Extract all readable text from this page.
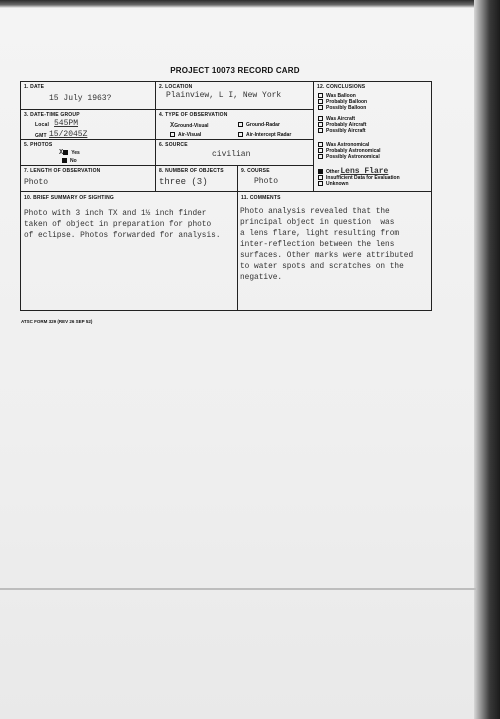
PROJECT 10073 RECORD CARD
1. DATE
15 July 1963?
2. LOCATION
Plainview, L I, New York
3. DATE-TIME GROUP
Local 545PM
GMT 15/2045Z
4. TYPE OF OBSERVATION
XGround-Visual	Ground-Radar
Air-Visual	Air-Intercept Radar
5. PHOTOS
X Yes
No
6. SOURCE
civilian
7. LENGTH OF OBSERVATION
Photo
8. NUMBER OF OBJECTS
three (3)
9. COURSE
Photo
12. CONCLUSIONS
Was Balloon
Probably Balloon
Possibly Balloon
Was Aircraft
Probably Aircraft
Possibly Aircraft
Was Astronomical
Probably Astronomical
Possibly Astronomical
OtherLens Flare
Insufficient Data for Evaluation
Unknown
10. BRIEF SUMMARY OF SIGHTING
Photo with 3 inch TX and 1½ inch finder
taken of object in preparation for photo
of eclipse. Photos forwarded for analysis.
11. COMMENTS
Photo analysis revealed that the
principal object in question  was
a lens flare, light resulting from
inter-reflection between the lens
surfaces. Other marks were attributed
to water spots and scratches on the
negative.
ATSC FORM 329 (REV 26 SEP 52)
